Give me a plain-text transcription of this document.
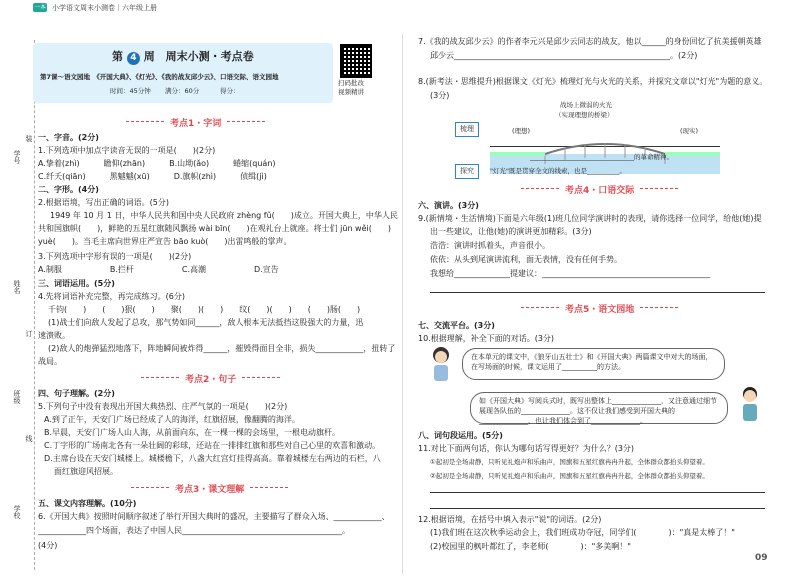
一本 小学语文周末小测卷｜六年级上册
学号
姓名
班级
学校
装
订
线
第 4 周　周末小测・考点卷
第7课～语文园地　《开国大典》、《灯光》、《我的战友邱少云》、口语交际、语文园地
时间：45分钟 满分：60分	得分：
扫码批改
视频精讲
考点1・字词
一、字音。(2分)
1.下列选项中加点字读音无误的一项是(　　)(2分)
A.挚着(zhì)　　　瞻仰(zhān)　　　B.山坳(ǎo)　　　蜷缩(quán)
C.纤夭(qiān)　　　黑魆魆(xū)　　　D.旗帜(zhì)　　　侦缉(jì)
二、字形。(4分)
2.根据语境，写出正确的词语。(5分)
1949 年 10 月 1 日，中华人民共和国中央人民政府 zhèng fǔ(　　)成立。开国大典上，中华人民
共和国旗帜(　　)，鲜艳的五星红旗随风飘扬 wài bīn(　　)在观礼台上就座。将士们 jūn wěi(　　)
yuè(　　)。当毛主席向世界庄严宣告 bāo kuò(　　)出雷鸣般的掌声。
3.下列选项中字形有误的一项是(　　)(2分)
A.制服　　　　　　B.拦杆　　　　　　C.高潮　　　　　　D.宣告
三、词语运用。(5分)
4.先将词语补充完整，再完成练习。(6分)
千钧(　　)　　(　　)狠(　　)　　聚(　　)(　　)　　纹(　　)(　　)　　(　　)肠(　　)
(1)战士们向敌人发起了总攻，那气势如同______，敌人根本无法抵挡这股强大的力量，迅
速溃败。
(2)敌人的炮弹猛烈地落下，阵地瞬间被炸得______，摧毁得面目全非，损失____________，扭转了
战局。
考点2・句子
四、句子理解。(2分)
5.下列句子中没有表现出开国大典热烈、庄严气氛的一项是(　　)(2分)
A.到了正午，天安门广场已经成了人的海洋，红旗招展，像翻腾的海洋。
B.早晨，天安门广场人山人海，从前面向东，在一棵一棵的会场里，一根电动旗杆。
C.丁字形的广场南北各有一朵壮阔的彩球，还站在一排排红旗和那些对自己心里的欢喜和激动。
D.主席台设在天安门城楼上。城楼檐下，八盏大红宫灯挂得高高。靠着城楼左右两边的石栏，八
面红旗迎风招展。
考点3・课文理解
五、课文内容理解。(10分)
6.《开国大典》按照时间顺序叙述了举行开国大典时的盛况，主要描写了群众入场、____________、
____________四个场面，表达了中国人民________________________________________。
(4分)
7.《我的战友邱少云》的作者李元兴是邱少云同志的战友，他以______的身份回忆了抗美援朝英雄
邱少云______________________________________________________。(2分)
8.(新考法・思维提升)根据课文《灯光》梳理灯光与火光的关系，并探究文章以"灯光"为题的意义。
(3分)
战场上微弱的火光
（实现理想的桥梁）
梳理	(理想)	(现实)
________________________________的革命精神。
探究	"灯光"既是贯穿全文的线索，也是__________。
考点4・口语交际
六、演讲。(3分)
9.(新情境・生活情境)下面是六年级(1)班几位同学演讲时的表现，请你选择一位同学，给他(她)提
出一些建议，让他(她)的演讲更加精彩。(3分)
浩浩：演讲时抓着头，声音很小。
依依：从头到尾演讲流利，面无表情，没有任何手势。
我想给______________提建议：__________________________________________
考点5・语文园地
七、交流平台。(3分)
10.根据理解，补全下面的对话。(3分)
在本单元的课文中，《狼牙山五壮士》和《开国大典》两篇课文中对大的场面，在写场面的时候，课文运用了__________的方法。
如《开国大典》写阅兵式时，既写出整体上______________，又注意通过细节展现各队伍的______________。这不仅让我们感受到开国大典的______________，也让我们体会到了______________。
八、词句段运用。(5分)
11.对比下面两句话，你认为哪句话写得更好？为什么？(3分)
①起初是全场肃静，只听见礼炮声和乐曲声，国旗和五星红旗冉冉升起，全体群众都抬头仰望着。
②起初是全场肃静，只听见礼炮声和乐曲声，国旗和五星红旗冉冉升起，全体群众都抬头仰望着。
12.根据语境，在括号中填入表示"说"的词语。(2分)
(1)我们班在这次秋季运动会上，我们班成功夺冠，同学们(　　　　)："真是太棒了！"
(2)校园里的枫叶都红了，李老师(　　　　)："多美啊！"
09
